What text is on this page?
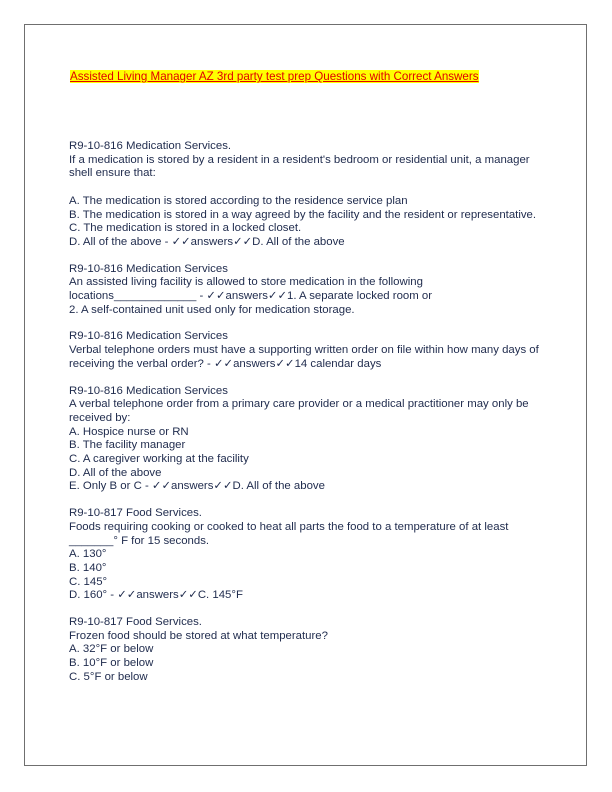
Assisted Living Manager AZ 3rd party test prep Questions with Correct Answers

R9-10-816 Medication Services.

If a medication is stored by a resident in a resident's bedroom or residential unit, a manager shell ensure that:

A. The medication is stored according to the residence service plan

B. The medication is stored in a way agreed by the facility and the resident or representative.

C. The medication is stored in a locked closet.

D. All of the above - ✓✓answers✓✓D. All of the above

R9-10-816 Medication Services

An assisted living facility is allowed to store medication in the following locations_____________ - ✓✓answers✓✓1. A separate locked room or

2. A self-contained unit used only for medication storage.

R9-10-816 Medication Services

Verbal telephone orders must have a supporting written order on file within how many days of receiving the verbal order? - ✓✓answers✓✓14 calendar days

R9-10-816 Medication Services

A verbal telephone order from a primary care provider or a medical practitioner may only be received by:

A. Hospice nurse or RN

B. The facility manager

C. A caregiver working at the facility

D. All of the above

E. Only B or C - ✓✓answers✓✓D. All of the above

R9-10-817 Food Services.

Foods requiring cooking or cooked to heat all parts the food to a temperature of at least _______° F for 15 seconds.

A. 130°

B. 140°

C. 145°

D. 160° - ✓✓answers✓✓C. 145°F

R9-10-817 Food Services.

Frozen food should be stored at what temperature?

A. 32°F or below

B. 10°F or below

C. 5°F or below
